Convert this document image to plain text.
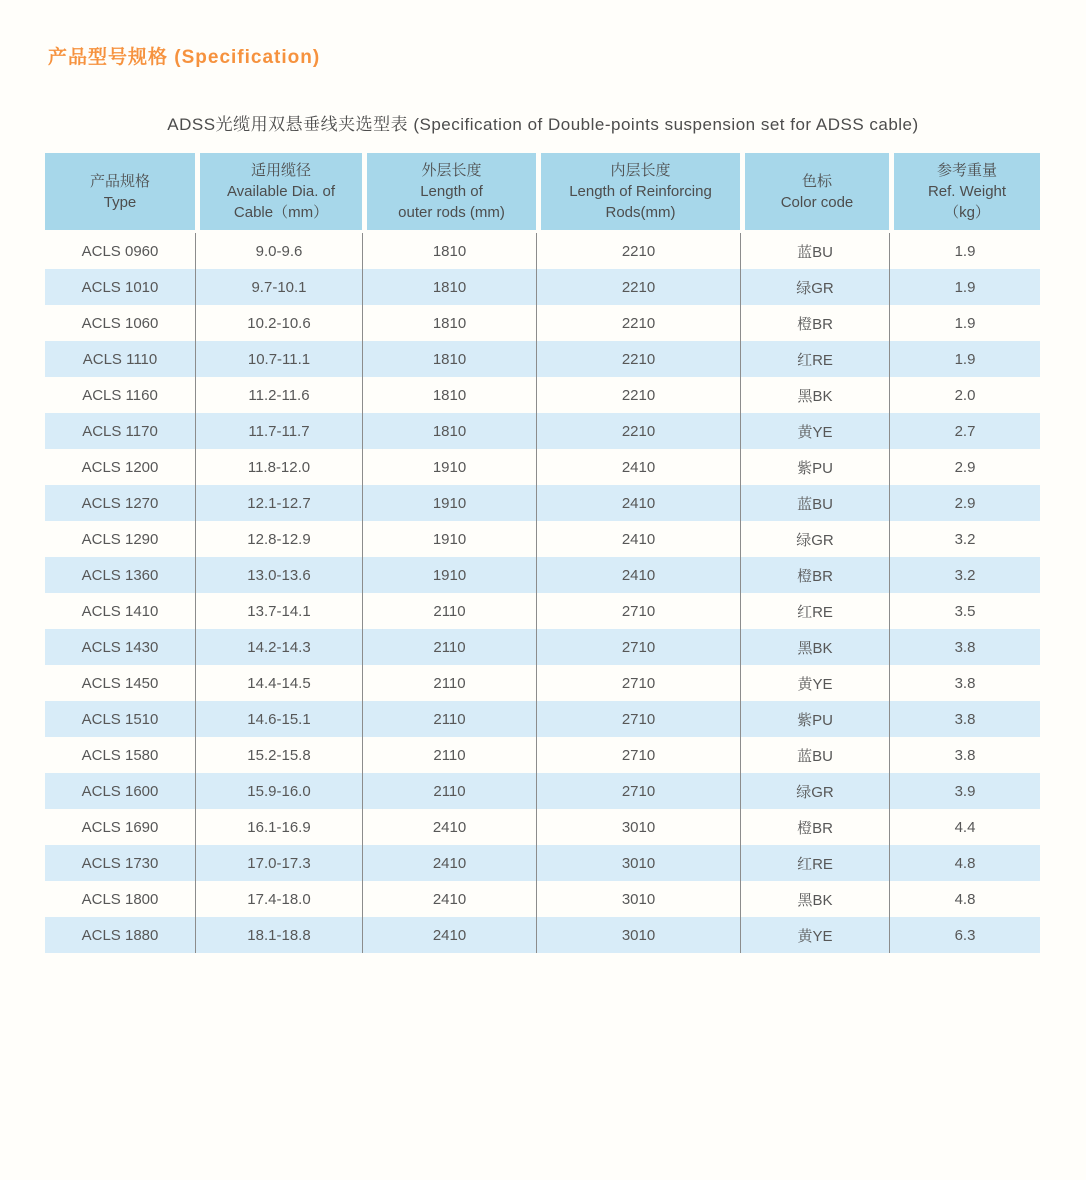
产品型号规格 (Specification)
ADSS光缆用双悬垂线夹选型表 (Specification of Double-points suspension set for ADSS cable)
产品规格
Type

适用缆径
Available Dia. of
Cable（mm）

外层长度
Length of
outer rods (mm)

内层长度
Length of Reinforcing
Rods(mm)

色标
Color code

参考重量
Ref. Weight
（kg）

ACLS 0960	9.0-9.6	1810	2210	蓝BU	1.9
ACLS 1010	9.7-10.1	1810	2210	绿GR	1.9
ACLS 1060	10.2-10.6	1810	2210	橙BR	1.9
ACLS 1110	10.7-11.1	1810	2210	红RE	1.9
ACLS 1160	11.2-11.6	1810	2210	黑BK	2.0
ACLS 1170	11.7-11.7	1810	2210	黄YE	2.7
ACLS 1200	11.8-12.0	1910	2410	紫PU	2.9
ACLS 1270	12.1-12.7	1910	2410	蓝BU	2.9
ACLS 1290	12.8-12.9	1910	2410	绿GR	3.2
ACLS 1360	13.0-13.6	1910	2410	橙BR	3.2
ACLS 1410	13.7-14.1	2110	2710	红RE	3.5
ACLS 1430	14.2-14.3	2110	2710	黑BK	3.8
ACLS 1450	14.4-14.5	2110	2710	黄YE	3.8
ACLS 1510	14.6-15.1	2110	2710	紫PU	3.8
ACLS 1580	15.2-15.8	2110	2710	蓝BU	3.8
ACLS 1600	15.9-16.0	2110	2710	绿GR	3.9
ACLS 1690	16.1-16.9	2410	3010	橙BR	4.4
ACLS 1730	17.0-17.3	2410	3010	红RE	4.8
ACLS 1800	17.4-18.0	2410	3010	黑BK	4.8
ACLS 1880	18.1-18.8	2410	3010	黄YE	6.3
